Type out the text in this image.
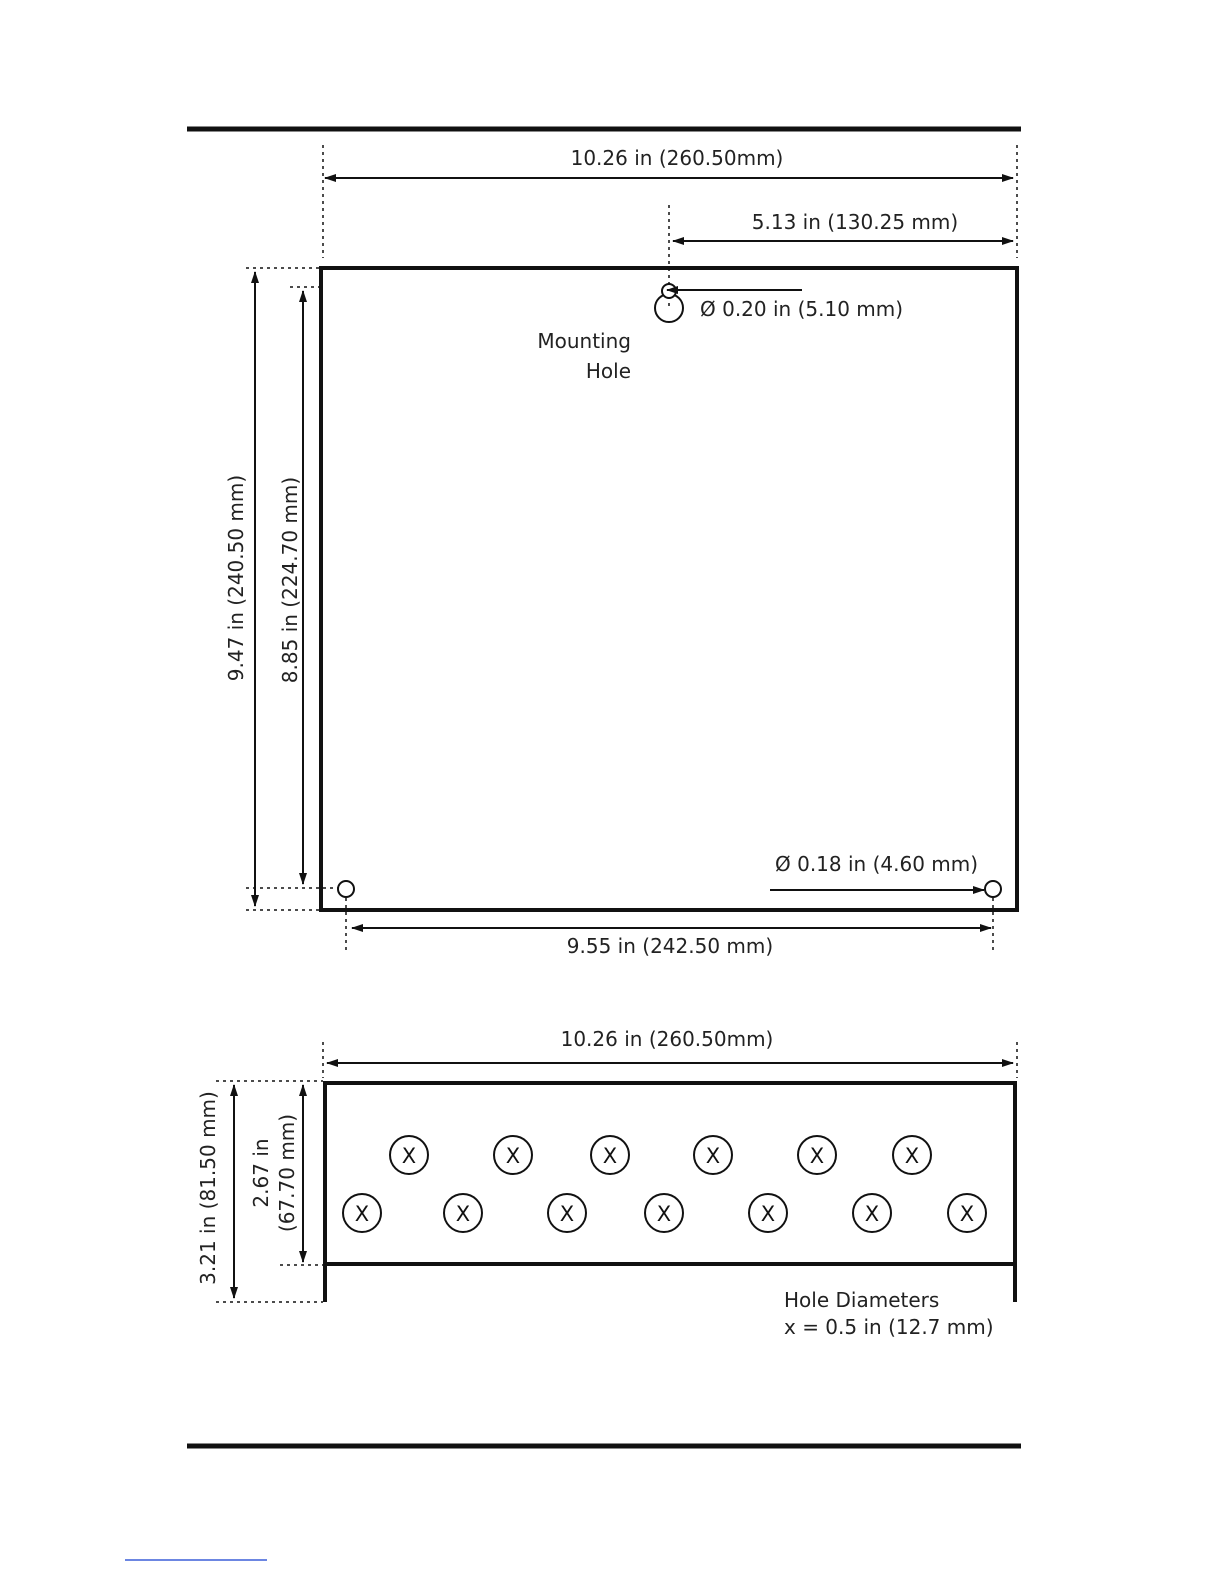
10.26 in (260.50mm)
5.13 in (130.25 mm)
Ø 0.20 in (5.10 mm)
Mounting
Hole
9.47 in (240.50 mm) 8.85 in (224.70 mm)
Ø 0.18 in (4.60 mm)
9.55 in (242.50 mm)
X	X	X	X	X	X
X	X	X	X	X	X	X
10.26 in (260.50mm)
3.21 in (81.50 mm) 2.67 in (67.70 mm)
Hole Diameters
x = 0.5 in (12.7 mm)
